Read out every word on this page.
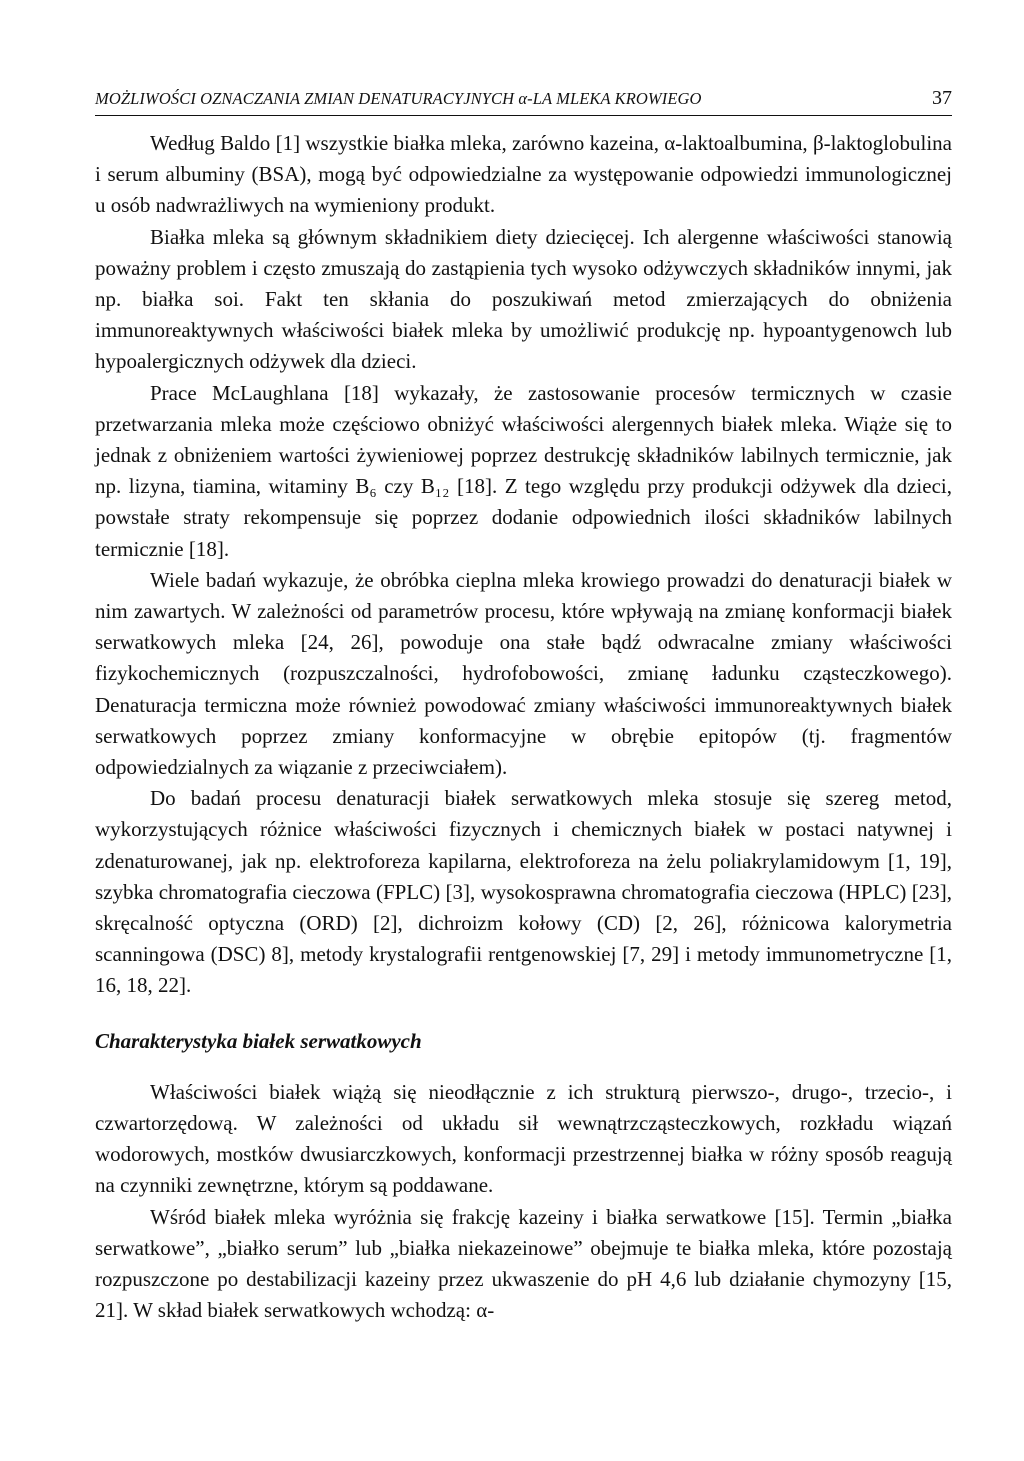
MOŻLIWOŚCI OZNACZANIA ZMIAN DENATURACYJNYCH α-LA MLEKA KROWIEGO	37

Według Baldo [1] wszystkie białka mleka, zarówno kazeina, α-laktoalbumina, β-laktoglobulina i serum albuminy (BSA), mogą być odpowiedzialne za występowanie odpowiedzi immunologicznej u osób nadwrażliwych na wymieniony produkt.

Białka mleka są głównym składnikiem diety dziecięcej. Ich alergenne właściwości stanowią poważny problem i często zmuszają do zastąpienia tych wysoko odżywczych składników innymi, jak np. białka soi. Fakt ten skłania do poszukiwań metod zmierzających do obniżenia immunoreaktywnych właściwości białek mleka by umożliwić produkcję np. hypoantygenowch lub hypoalergicznych odżywek dla dzieci.

Prace McLaughlana [18] wykazały, że zastosowanie procesów termicznych w czasie przetwarzania mleka może częściowo obniżyć właściwości alergennych białek mleka. Wiąże się to jednak z obniżeniem wartości żywieniowej poprzez destrukcję składników labilnych termicznie, jak np. lizyna, tiamina, witaminy B₆ czy B₁₂ [18]. Z tego względu przy produkcji odżywek dla dzieci, powstałe straty rekompensuje się poprzez dodanie odpowiednich ilości składników labilnych termicznie [18].

Wiele badań wykazuje, że obróbka cieplna mleka krowiego prowadzi do denaturacji białek w nim zawartych. W zależności od parametrów procesu, które wpływają na zmianę konformacji białek serwatkowych mleka [24, 26], powoduje ona stałe bądź odwracalne zmiany właściwości fizykochemicznych (rozpuszczalności, hydrofobowości, zmianę ładunku cząsteczkowego). Denaturacja termiczna może również powodować zmiany właściwości immunoreaktywnych białek serwatkowych poprzez zmiany konformacyjne w obrębie epitopów (tj. fragmentów odpowiedzialnych za wiązanie z przeciwciałem).

Do badań procesu denaturacji białek serwatkowych mleka stosuje się szereg metod, wykorzystujących różnice właściwości fizycznych i chemicznych białek w postaci natywnej i zdenaturowanej, jak np. elektroforeza kapilarna, elektroforeza na żelu poliakrylamidowym [1, 19], szybka chromatografia cieczowa (FPLC) [3], wysokosprawna chromatografia cieczowa (HPLC) [23], skręcalność optyczna (ORD) [2], dichroizm kołowy (CD) [2, 26], różnicowa kalorymetria scanningowa (DSC) 8], metody krystalografii rentgenowskiej [7, 29] i metody immunometryczne [1, 16, 18, 22].

Charakterystyka białek serwatkowych

Właściwości białek wiążą się nieodłącznie z ich strukturą pierwszo-, drugo-, trzecio-, i czwartorzędową. W zależności od układu sił wewnątrzcząsteczkowych, rozkładu wiązań wodorowych, mostków dwusiarczkowych, konformacji przestrzennej białka w różny sposób reagują na czynniki zewnętrzne, którym są poddawane.

Wśród białek mleka wyróżnia się frakcję kazeiny i białka serwatkowe [15]. Termin „białka serwatkowe”, „białko serum” lub „białka niekazeinowe” obejmuje te białka mleka, które pozostają rozpuszczone po destabilizacji kazeiny przez ukwaszenie do pH 4,6 lub działanie chymozyny [15, 21]. W skład białek serwatkowych wchodzą: α-
